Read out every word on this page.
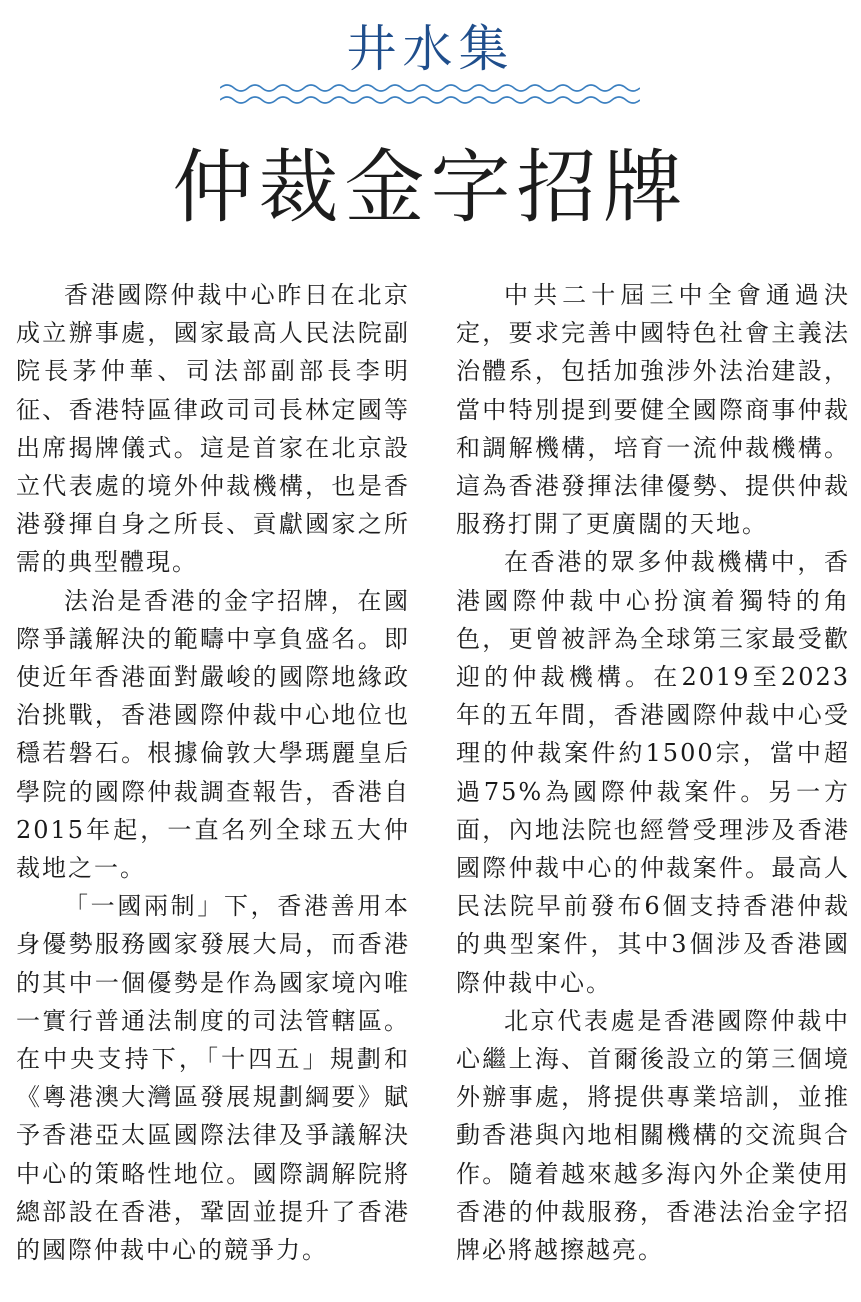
井水集
仲裁金字招牌

香港國際仲裁中心昨日在北京成立辦事處，國家最高人民法院副院長茅仲華、司法部副部長李明征、香港特區律政司司長林定國等出席揭牌儀式。這是首家在北京設立代表處的境外仲裁機構，也是香港發揮自身之所長、貢獻國家之所需的典型體現。

法治是香港的金字招牌，在國際爭議解決的範疇中享負盛名。即使近年香港面對嚴峻的國際地緣政治挑戰，香港國際仲裁中心地位也穩若磐石。根據倫敦大學瑪麗皇后學院的國際仲裁調查報告，香港自2015年起，一直名列全球五大仲裁地之一。

「一國兩制」下，香港善用本身優勢服務國家發展大局，而香港的其中一個優勢是作為國家境內唯一實行普通法制度的司法管轄區。在中央支持下，「十四五」規劃和《粵港澳大灣區發展規劃綱要》賦予香港亞太區國際法律及爭議解決中心的策略性地位。國際調解院將總部設在香港，鞏固並提升了香港的國際仲裁中心的競爭力。

中共二十屆三中全會通過決定，要求完善中國特色社會主義法治體系，包括加強涉外法治建設，當中特別提到要健全國際商事仲裁和調解機構，培育一流仲裁機構。這為香港發揮法律優勢、提供仲裁服務打開了更廣闊的天地。

在香港的眾多仲裁機構中，香港國際仲裁中心扮演着獨特的角色，更曾被評為全球第三家最受歡迎的仲裁機構。在2019至2023年的五年間，香港國際仲裁中心受理的仲裁案件約1500宗，當中超過75%為國際仲裁案件。另一方面，內地法院也經營受理涉及香港國際仲裁中心的仲裁案件。最高人民法院早前發布6個支持香港仲裁的典型案件，其中3個涉及香港國際仲裁中心。

北京代表處是香港國際仲裁中心繼上海、首爾後設立的第三個境外辦事處，將提供專業培訓，並推動香港與內地相關機構的交流與合作。隨着越來越多海內外企業使用香港的仲裁服務，香港法治金字招牌必將越擦越亮。
